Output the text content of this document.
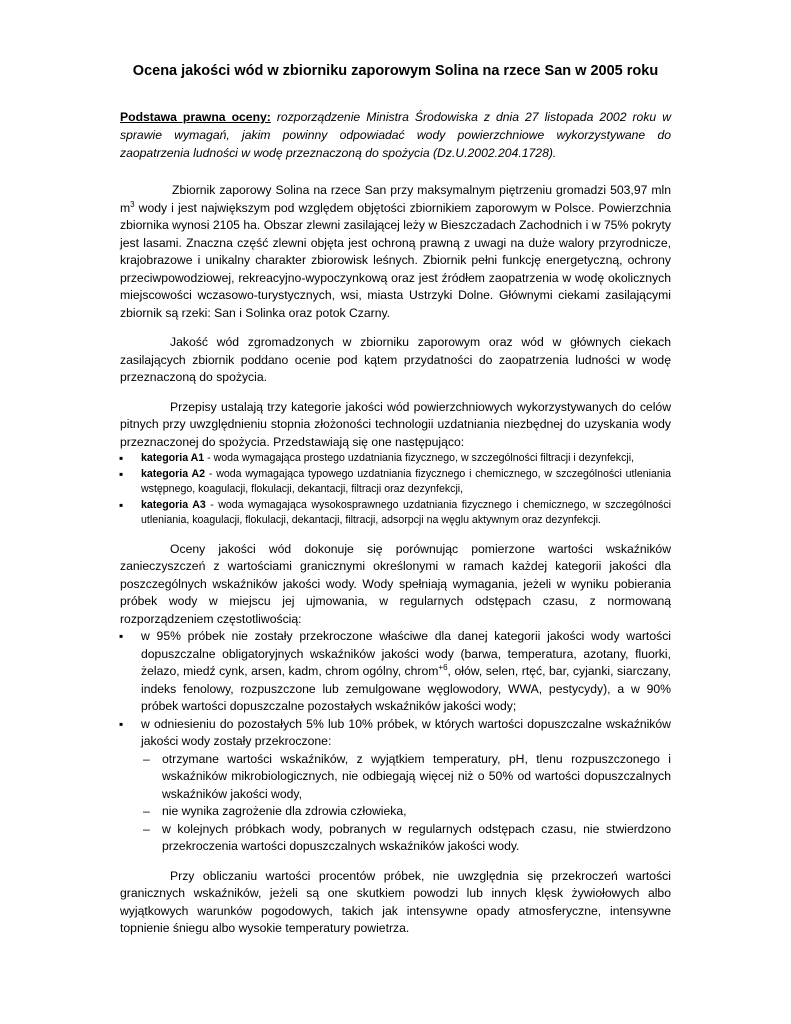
Ocena jakości wód w zbiorniku zaporowym Solina na rzece San w 2005 roku

Podstawa prawna oceny: rozporządzenie Ministra Środowiska z dnia 27 listopada 2002 roku w sprawie wymagań, jakim powinny odpowiadać wody powierzchniowe wykorzystywane do zaopatrzenia ludności w wodę przeznaczoną do spożycia (Dz.U.2002.204.1728).

Zbiornik zaporowy Solina na rzece San przy maksymalnym piętrzeniu gromadzi 503,97 mln $m^3$ wody i jest największym pod względem objętości zbiornikiem zaporowym w Polsce. Powierzchnia zbiornika wynosi 2105 ha. Obszar zlewni zasilającej leży w Bieszczadach Zachodnich i w 75% pokryty jest lasami. Znaczna część zlewni objęta jest ochroną prawną z uwagi na duże walory przyrodnicze, krajobrazowe i unikalny charakter zbiorowisk leśnych. Zbiornik pełni funkcję energetyczną, ochrony przeciwpowodziowej, rekreacyjno-wypoczynkową oraz jest źródłem zaopatrzenia w wodę okolicznych miejscowości wczasowo-turystycznych, wsi, miasta Ustrzyki Dolne. Głównymi ciekami zasilającymi zbiornik są rzeki: San i Solinka oraz potok Czarny.

Jakość wód zgromadzonych w zbiorniku zaporowym oraz wód w głównych ciekach zasilających zbiornik poddano ocenie pod kątem przydatności do zaopatrzenia ludności w wodę przeznaczoną do spożycia.

Przepisy ustalają trzy kategorie jakości wód powierzchniowych wykorzystywanych do celów pitnych przy uwzględnieniu stopnia złożoności technologii uzdatniania niezbędnej do uzyskania wody przeznaczonej do spożycia. Przedstawiają się one następująco:

▪ kategoria A1 - woda wymagająca prostego uzdatniania fizycznego, w szczególności filtracji i dezynfekcji,
▪ kategoria A2 - woda wymagająca typowego uzdatniania fizycznego i chemicznego, w szczególności utleniania wstępnego, koagulacji, flokulacji, dekantacji, filtracji oraz dezynfekcji,
▪ kategoria A3 - woda wymagająca wysokosprawnego uzdatniania fizycznego i chemicznego, w szczególności utleniania, koagulacji, flokulacji, dekantacji, filtracji, adsorpcji na węglu aktywnym oraz dezynfekcji.

Oceny jakości wód dokonuje się porównując pomierzone wartości wskaźników zanieczyszczeń z wartościami granicznymi określonymi w ramach każdej kategorii jakości dla poszczególnych wskaźników jakości wody. Wody spełniają wymagania, jeżeli w wyniku pobierania próbek wody w miejscu jej ujmowania, w regularnych odstępach czasu, z normowaną rozporządzeniem częstotliwością:

▪ w 95% próbek nie zostały przekroczone właściwe dla danej kategorii jakości wody wartości dopuszczalne obligatoryjnych wskaźników jakości wody (barwa, temperatura, azotany, fluorki, żelazo, miedź cynk, arsen, kadm, chrom ogólny, chrom$^{+6}$, ołów, selen, rtęć, bar, cyjanki, siarczany, indeks fenolowy, rozpuszczone lub zemulgowane węglowodory, WWA, pestycydy), a w 90% próbek wartości dopuszczalne pozostałych wskaźników jakości wody;
▪ w odniesieniu do pozostałych 5% lub 10% próbek, w których wartości dopuszczalne wskaźników jakości wody zostały przekroczone:
– otrzymane wartości wskaźników, z wyjątkiem temperatury, pH, tlenu rozpuszczonego i wskaźników mikrobiologicznych, nie odbiegają więcej niż o 50% od wartości dopuszczalnych wskaźników jakości wody,
– nie wynika zagrożenie dla zdrowia człowieka,
– w kolejnych próbkach wody, pobranych w regularnych odstępach czasu, nie stwierdzono przekroczenia wartości dopuszczalnych wskaźników jakości wody.

Przy obliczaniu wartości procentów próbek, nie uwzględnia się przekroczeń wartości granicznych wskaźników, jeżeli są one skutkiem powodzi lub innych klęsk żywiołowych albo wyjątkowych warunków pogodowych, takich jak intensywne opady atmosferyczne, intensywne topnienie śniegu albo wysokie temperatury powietrza.
